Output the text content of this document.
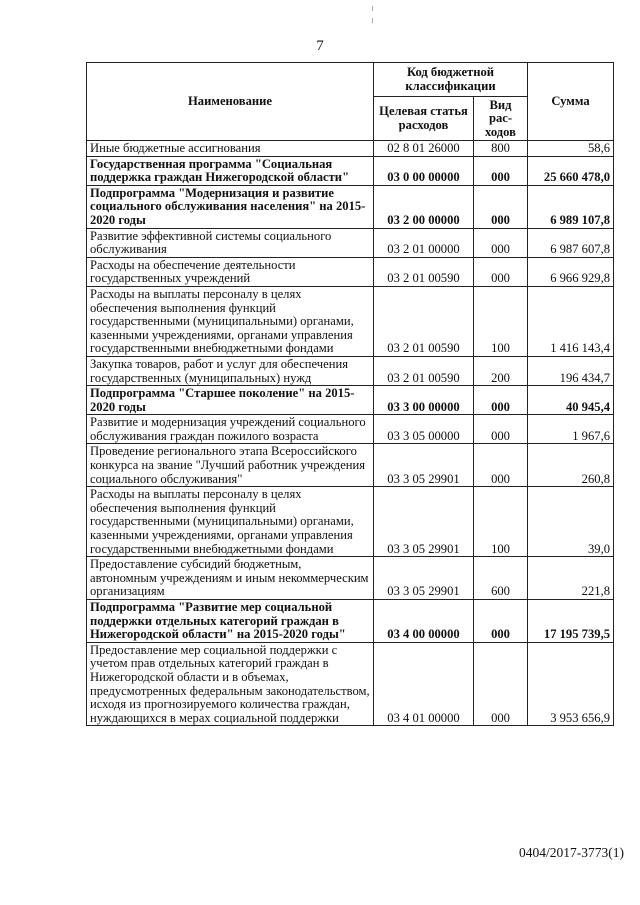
7
Наименование	Код бюджетной классификации		Сумма
	Целевая статья расходов	Вид рас-ходов	
Иные бюджетные ассигнования	02 8 01 26000	800	58,6
Государственная программа "Социальная поддержка граждан Нижегородской области"	03 0 00 00000	000	25 660 478,0
Подпрограмма "Модернизация и развитие социального обслуживания населения" на 2015-2020 годы	03 2 00 00000	000	6 989 107,8
Развитие эффективной системы социального обслуживания	03 2 01 00000	000	6 987 607,8
Расходы на обеспечение деятельности государственных учреждений	03 2 01 00590	000	6 966 929,8
Расходы на выплаты персоналу в целях обеспечения выполнения функций государственными (муниципальными) органами, казенными учреждениями, органами управления государственными внебюджетными фондами	03 2 01 00590	100	1 416 143,4
Закупка товаров, работ и услуг для обеспечения государственных (муниципальных) нужд	03 2 01 00590	200	196 434,7
Подпрограмма "Старшее поколение" на 2015-2020 годы	03 3 00 00000	000	40 945,4
Развитие и модернизация учреждений социального обслуживания граждан пожилого возраста	03 3 05 00000	000	1 967,6
Проведение регионального этапа Всероссийского конкурса на звание "Лучший работник учреждения социального обслуживания"	03 3 05 29901	000	260,8
Расходы на выплаты персоналу в целях обеспечения выполнения функций государственными (муниципальными) органами, казенными учреждениями, органами управления государственными внебюджетными фондами	03 3 05 29901	100	39,0
Предоставление субсидий бюджетным, автономным учреждениям и иным некоммерческим организациям	03 3 05 29901	600	221,8
Подпрограмма "Развитие мер социальной поддержки отдельных категорий граждан в Нижегородской области" на 2015-2020 годы"	03 4 00 00000	000	17 195 739,5
Предоставление мер социальной поддержки с учетом прав отдельных категорий граждан в Нижегородской области и в объемах, предусмотренных федеральным законодательством, исходя из прогнозируемого количества граждан, нуждающихся в мерах социальной поддержки	03 4 01 00000	000	3 953 656,9
0404/2017-3773(1)
